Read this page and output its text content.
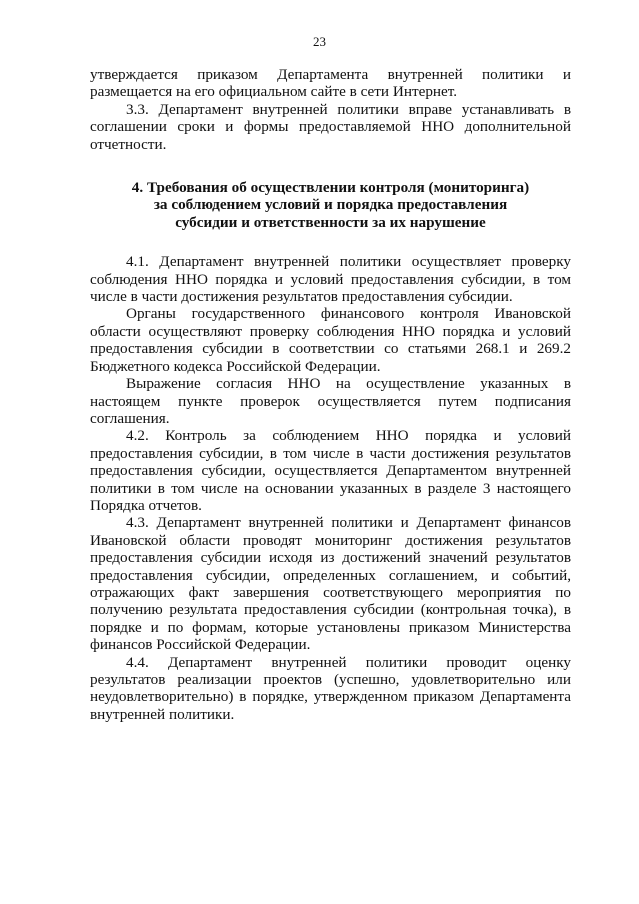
23

утверждается приказом Департамента внутренней политики и размещается на его официальном сайте в сети Интернет.

3.3. Департамент внутренней политики вправе устанавливать в соглашении сроки и формы предоставляемой ННО дополнительной отчетности.

4. Требования об осуществлении контроля (мониторинга)
за соблюдением условий и порядка предоставления
субсидии и ответственности за их нарушение

4.1. Департамент внутренней политики осуществляет проверку соблюдения ННО порядка и условий предоставления субсидии, в том числе в части достижения результатов предоставления субсидии.

Органы государственного финансового контроля Ивановской области осуществляют проверку соблюдения ННО порядка и условий предоставления субсидии в соответствии со статьями 268.1 и 269.2 Бюджетного кодекса Российской Федерации.

Выражение согласия ННО на осуществление указанных в настоящем пункте проверок осуществляется путем подписания соглашения.

4.2. Контроль за соблюдением ННО порядка и условий предоставления субсидии, в том числе в части достижения результатов предоставления субсидии, осуществляется Департаментом внутренней политики в том числе на основании указанных в разделе 3 настоящего Порядка отчетов.

4.3. Департамент внутренней политики и Департамент финансов Ивановской области проводят мониторинг достижения результатов предоставления субсидии исходя из достижений значений результатов предоставления субсидии, определенных соглашением, и событий, отражающих факт завершения соответствующего мероприятия по получению результата предоставления субсидии (контрольная точка), в порядке и по формам, которые установлены приказом Министерства финансов Российской Федерации.

4.4. Департамент внутренней политики проводит оценку результатов реализации проектов (успешно, удовлетворительно или неудовлетворительно) в порядке, утвержденном приказом Департамента внутренней политики.
